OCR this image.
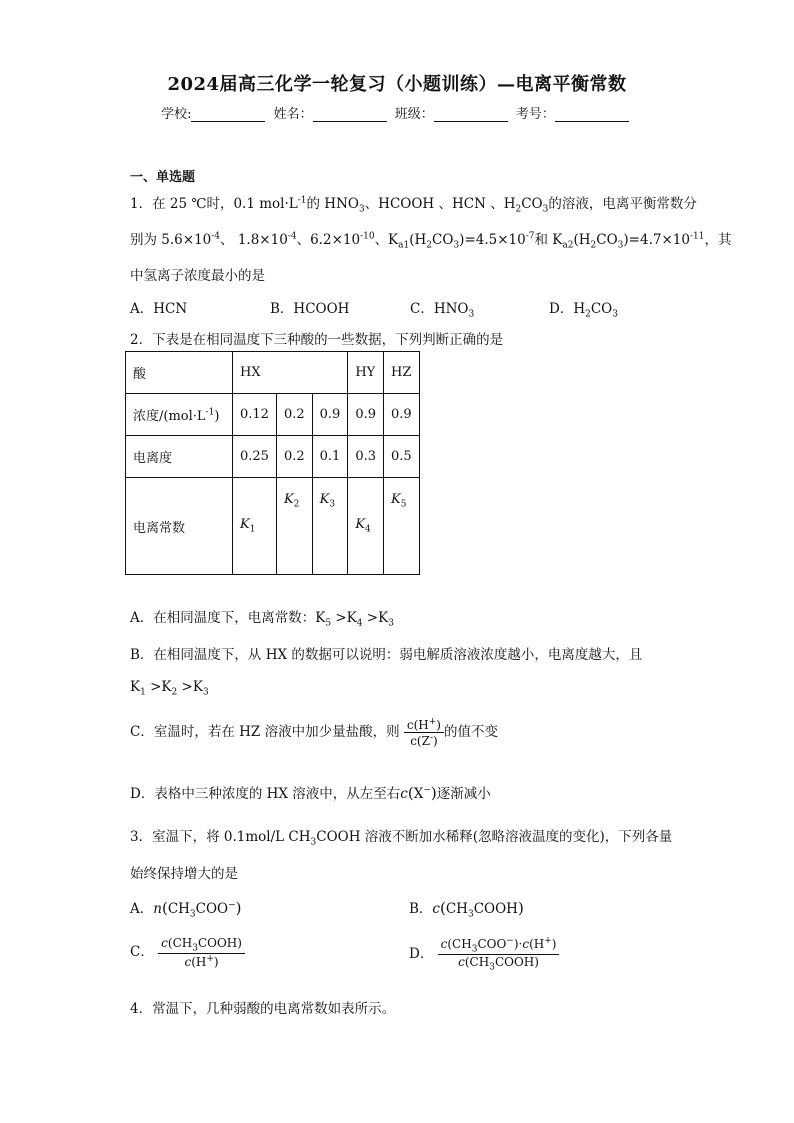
2024届高三化学一轮复习（小题训练）—电离平衡常数
学校:	姓名：	班级：	考号：
一、单选题
1．在 25 ℃时，0.1 $mol\cdot L^{-1}$的 $HNO_3$、HCOOH 、HCN 、$H_2CO_3$的溶液，电离平衡常数分
别为 $5.6\times 10^{-4}$、 $1.8\times 10^{-4}$、$6.2\times 10^{-10}$、$K_{a1}(H_2CO_3)=4.5\times 10^{-7}$和 $K_{a2}(H_2CO_3)=4.7\times 10^{-11}$，其
中氢离子浓度最小的是
A．HCN	B．HCOOH	C．$HNO_3$	D．$H_2CO_3$
2．下表是在相同温度下三种酸的一些数据，下列判断正确的是
酸	HX			HY	HZ
浓度$/(mol\cdot L^{-1})$	0.12	0.2	0.9	0.9	0.9
电离度	0.25	0.2	0.1	0.3	0.5
电离常数	$K_1$	$K_2$	$K_3$	$K_4$	$K_5$
A．在相同温度下，电离常数：$K_5 >K_4 >K_3$
B．在相同温度下，从 HX 的数据可以说明：弱电解质溶液浓度越小，电离度越大，且
$K_1 >K_2 >K_3$
C．室温时，若在 HZ 溶液中加少量盐酸，则 $\frac{c(H^+)}{c(Z^-)}$ 的值不变
D．表格中三种浓度的 HX 溶液中，从左至右c(X−)逐渐减小
3．室温下，将 0.1mol/L $CH_3COOH$ 溶液不断加水稀释(忽略溶液温度的变化)，下列各量
始终保持增大的是
A．$n(CH_3COO^-)$	B．$c(CH_3COOH)$
C． $\frac{c(CH_3COOH)}{c(H^+)}$	D． $\frac{c(CH_3COO^-)\cdot c(H^+)}{c(CH_3COOH)}$
4．常温下，几种弱酸的电离常数如表所示。
